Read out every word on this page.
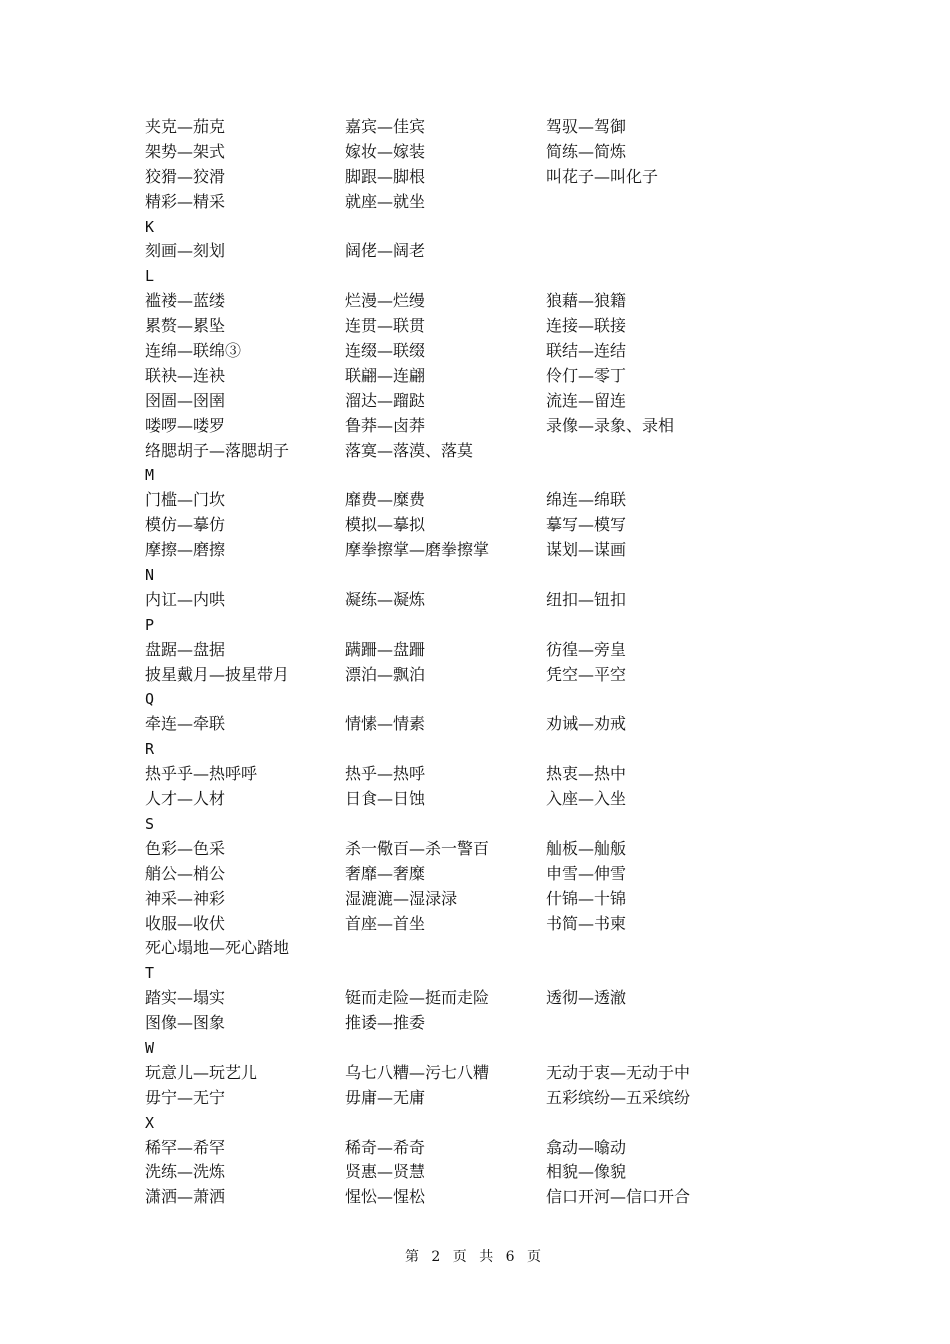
夹克—茄克	嘉宾—佳宾	驾驭—驾御
架势—架式	嫁妆—嫁装	简练—简炼
狡猾—狡滑	脚跟—脚根	叫花子—叫化子
精彩—精采	就座—就坐
K
刻画—刻划	阔佬—阔老
L
褴褛—蓝缕	烂漫—烂缦	狼藉—狼籍
累赘—累坠	连贯—联贯	连接—联接
连绵—联绵③	连缀—联缀	联结—连结
联袂—连袂	联翩—连翩	伶仃—零丁
囹圄—囹圉	溜达—蹓跶	流连—留连
喽啰—喽罗	鲁莽—卤莽	录像—录象、录相
络腮胡子—落腮胡子	落寞—落漠、落莫
M
门槛—门坎	靡费—糜费	绵连—绵联
模仿—摹仿	模拟—摹拟	摹写—模写
摩擦—磨擦	摩拳擦掌—磨拳擦掌	谋划—谋画
N
内讧—内哄	凝练—凝炼	纽扣—钮扣
P
盘踞—盘据	蹒跚—盘跚	彷徨—旁皇
披星戴月—披星带月	漂泊—飘泊	凭空—平空
Q
牵连—牵联	情愫—情素	劝诫—劝戒
R
热乎乎—热呼呼	热乎—热呼	热衷—热中
人才—人材	日食—日蚀	入座—入坐
S
色彩—色采	杀一儆百—杀一警百	舢板—舢舨
艄公—梢公	奢靡—奢糜	申雪—伸雪
神采—神彩	湿漉漉—湿渌渌	什锦—十锦
收服—收伏	首座—首坐	书简—书柬
死心塌地—死心踏地
T
踏实—塌实	铤而走险—挺而走险	透彻—透澈
图像—图象	推诿—推委
W
玩意儿—玩艺儿	乌七八糟—污七八糟	无动于衷—无动于中
毋宁—无宁	毋庸—无庸	五彩缤纷—五采缤纷
X
稀罕—希罕	稀奇—希奇	翕动—噏动
洗练—洗炼	贤惠—贤慧	相貌—像貌
潇洒—萧洒	惺忪—惺松	信口开河—信口开合
第 2 页 共 6 页
